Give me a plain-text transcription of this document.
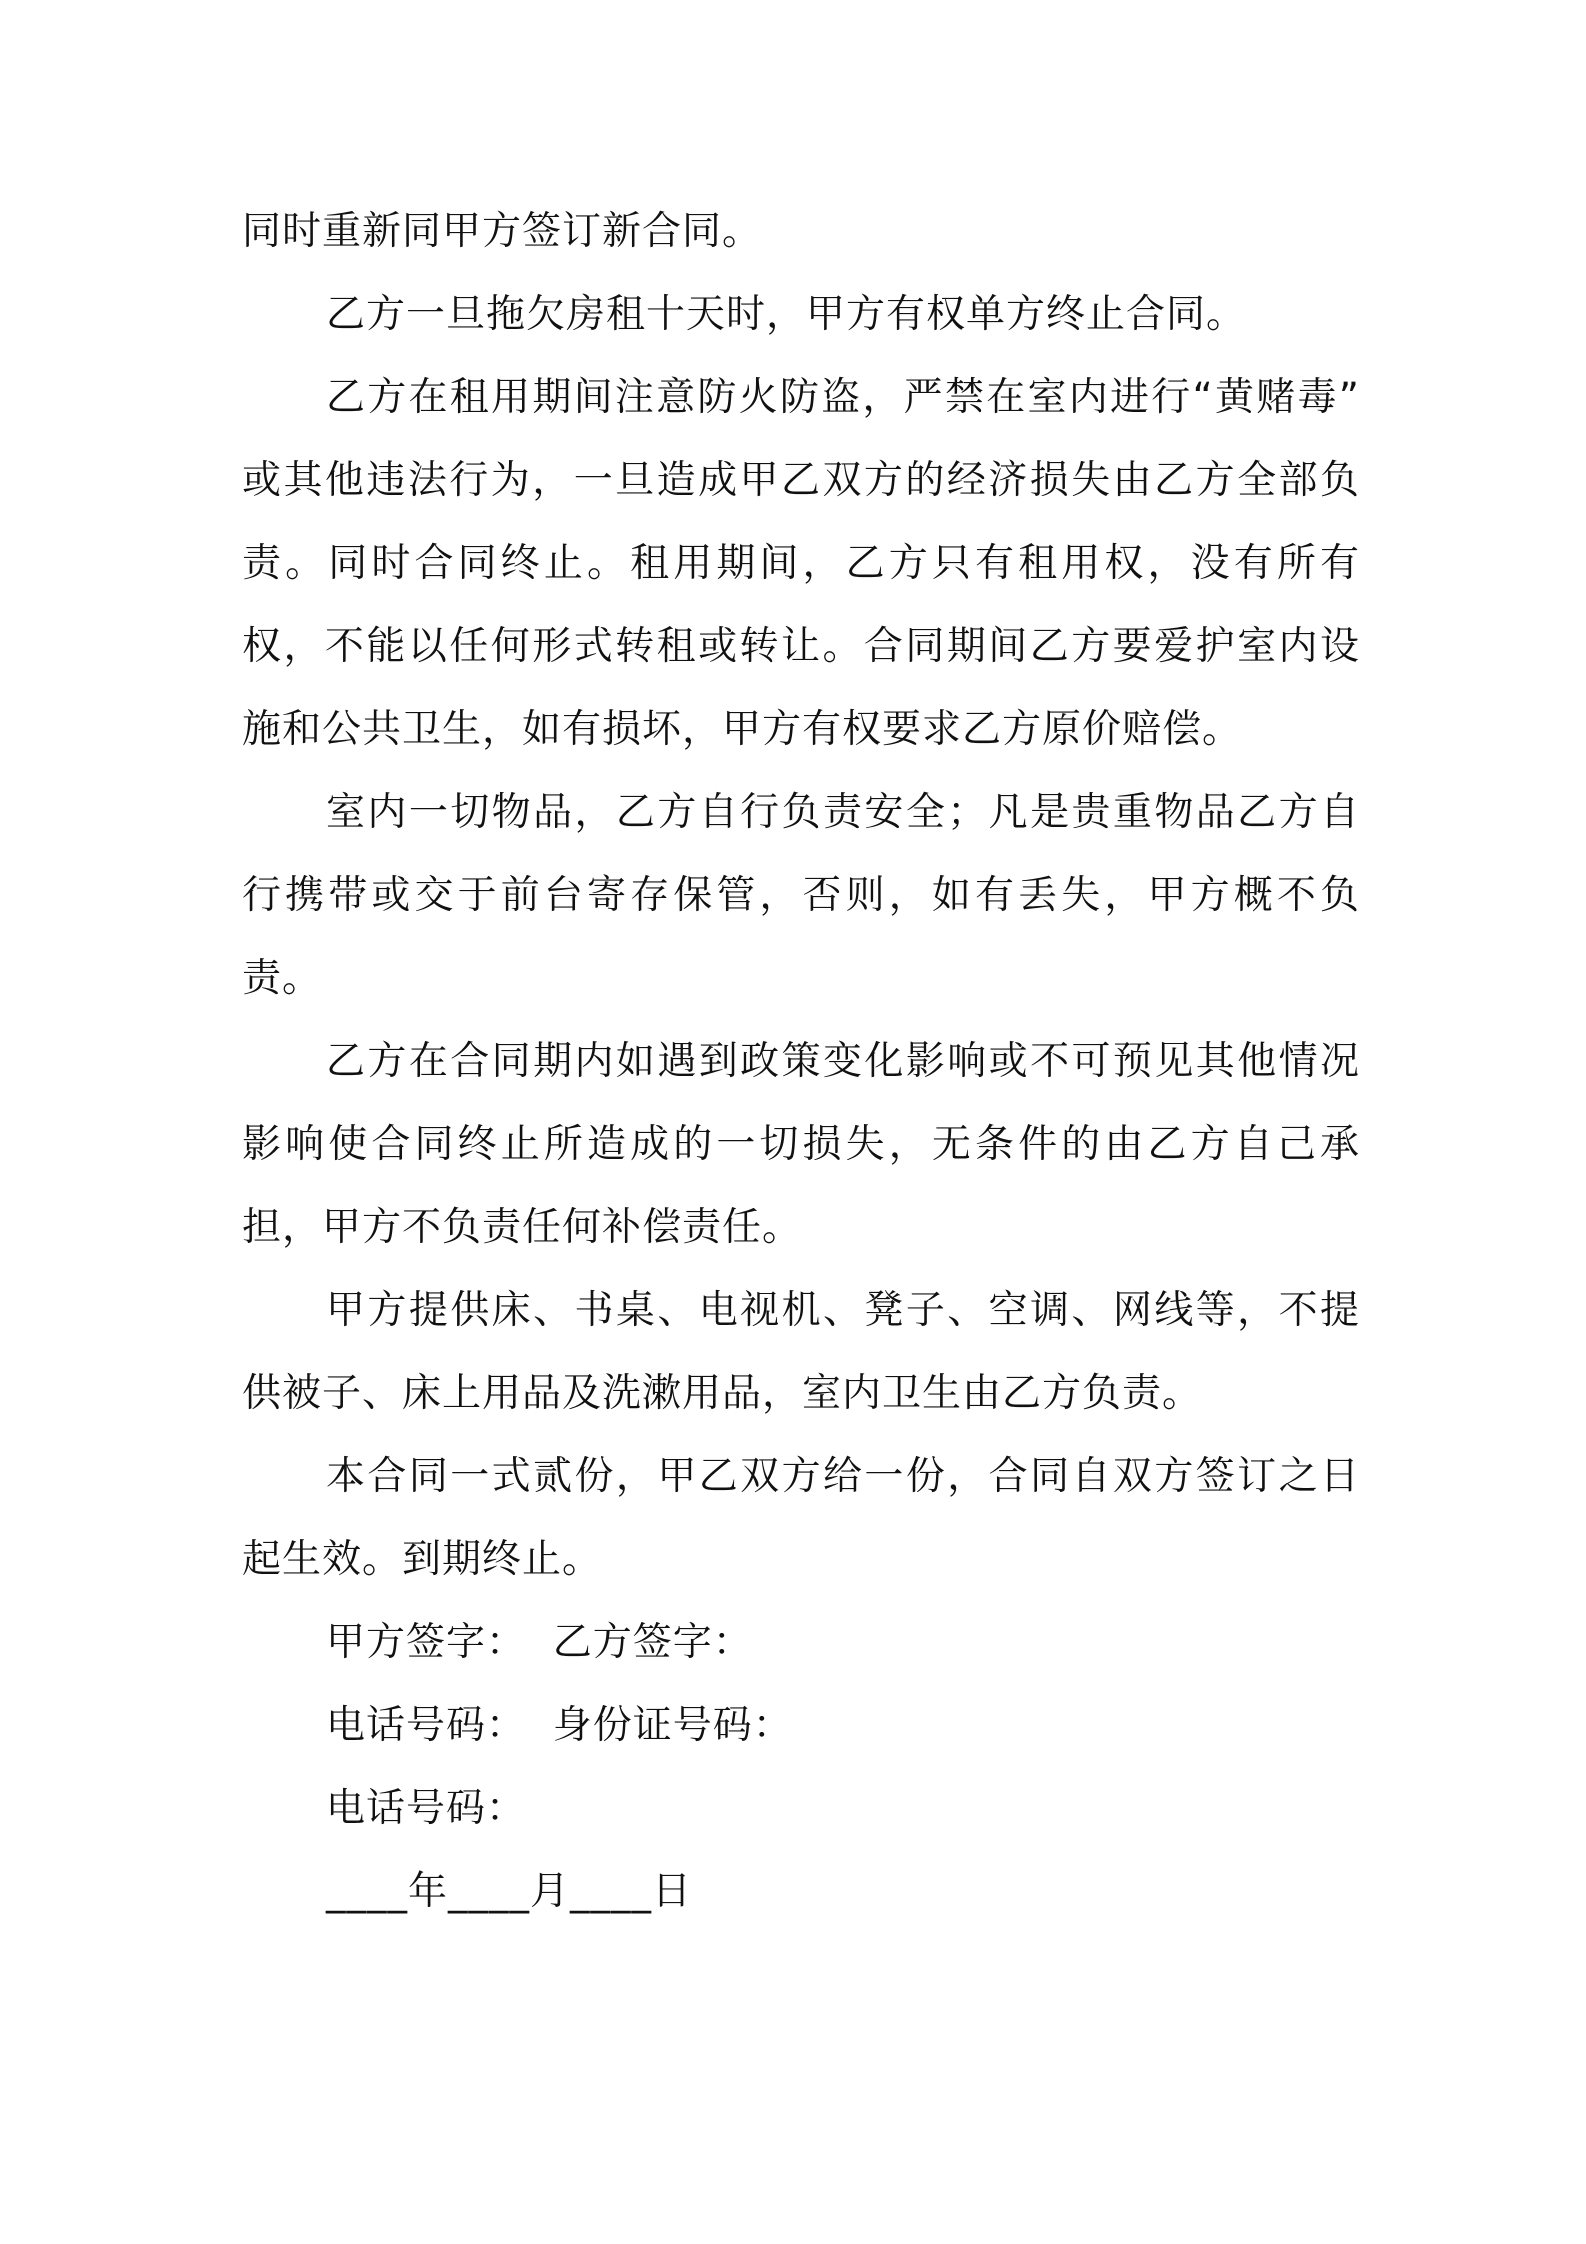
同时重新同甲方签订新合同。

乙方一旦拖欠房租十天时，甲方有权单方终止合同。

乙方在租用期间注意防火防盗，严禁在室内进行“黄赌毒” 或其他违法行为，一旦造成甲乙双方的经济损失由乙方全部负责。同时合同终止。租用期间，乙方只有租用权，没有所有权，不能以任何形式转租或转让。合同期间乙方要爱护室内设施和公共卫生，如有损坏，甲方有权要求乙方原价赔偿。

室内一切物品，乙方自行负责安全；凡是贵重物品乙方自行携带或交于前台寄存保管，否则，如有丢失，甲方概不负责。

乙方在合同期内如遇到政策变化影响或不可预见其他情况影响使合同终止所造成的一切损失，无条件的由乙方自己承担，甲方不负责任何补偿责任。

甲方提供床、书桌、电视机、凳子、空调、网线等，不提供被子、床上用品及洗漱用品，室内卫生由乙方负责。

本合同一式贰份，甲乙双方给一份，合同自双方签订之日起生效。到期终止。

甲方签字：  乙方签字：

电话号码：  身份证号码：

电话号码：

____年____月____日
